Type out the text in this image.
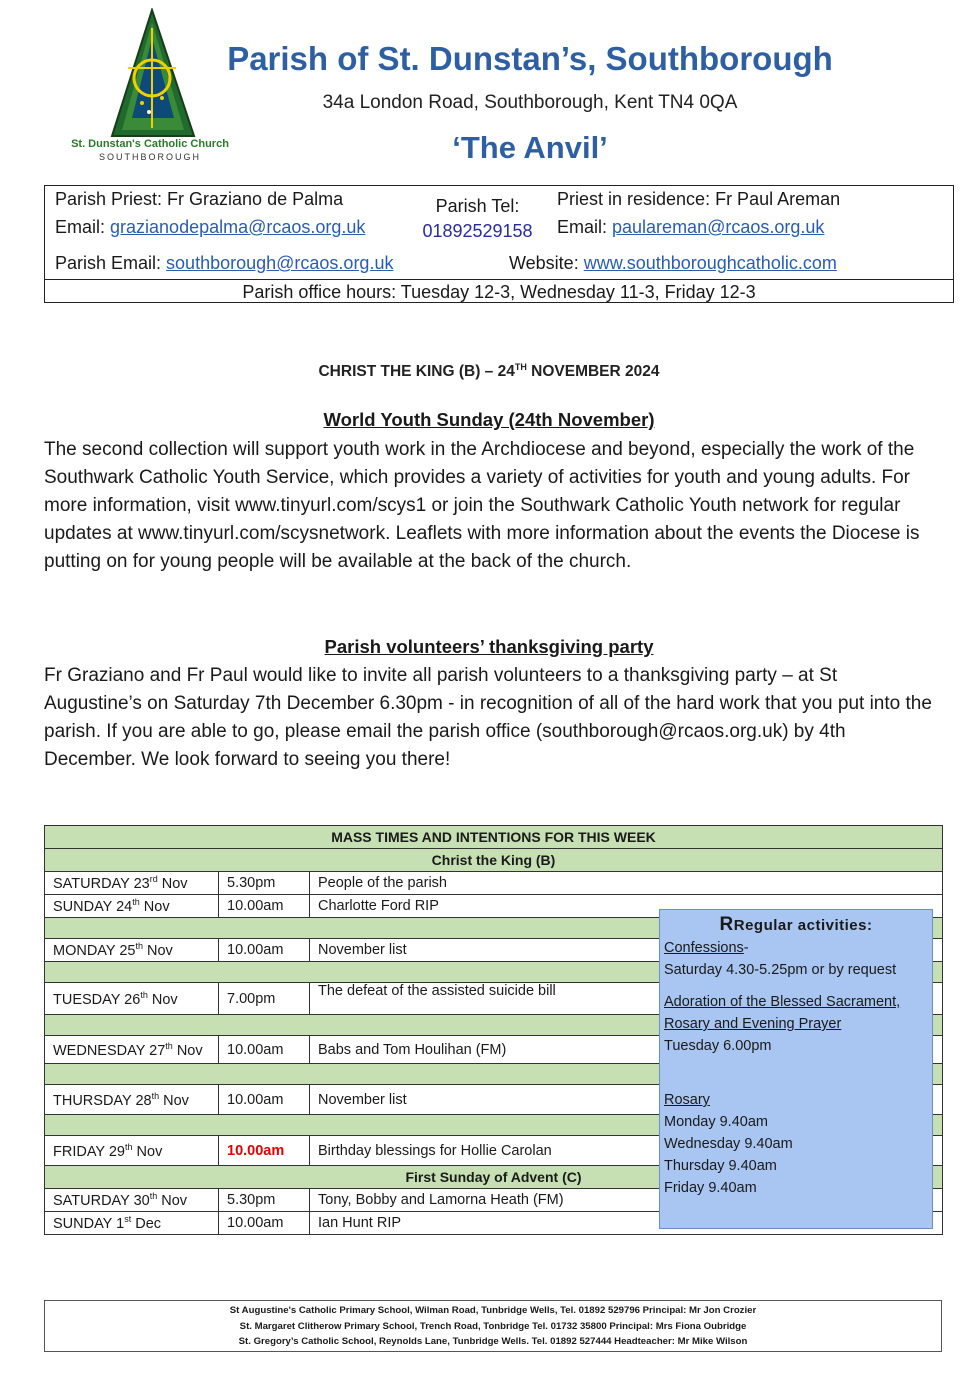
St. Dunstan's Catholic Church
SOUTHBOROUGH
Parish of St. Dunstan’s, Southborough
34a London Road, Southborough, Kent TN4 0QA
‘The Anvil’
Parish Priest: Fr Graziano de Palma
Email: grazianodepalma@rcaos.org.uk
Parish Tel:
01892529158
Priest in residence: Fr Paul Areman
Email: paulareman@rcaos.org.uk
Parish Email: southborough@rcaos.org.uk	Website: www.southboroughcatholic.com
Parish office hours: Tuesday 12-3, Wednesday 11-3, Friday 12-3
CHRIST THE KING (B) – 24TH NOVEMBER 2024
World Youth Sunday (24th November)
The second collection will support youth work in the Archdiocese and beyond, especially the work of the Southwark Catholic Youth Service, which provides a variety of activities for youth and young adults. For more information, visit www.tinyurl.com/scys1 or join the Southwark Catholic Youth network for regular updates at www.tinyurl.com/scysnetwork. Leaflets with more information about the events the Diocese is putting on for young people will be available at the back of the church.
Parish volunteers’ thanksgiving party
Fr Graziano and Fr Paul would like to invite all parish volunteers to a thanksgiving party – at St Augustine’s on Saturday 7th December 6.30pm - in recognition of all of the hard work that you put into the parish. If you are able to go, please email the parish office (southborough@rcaos.org.uk) by 4th December. We look forward to seeing you there!
MASS TIMES AND INTENTIONS FOR THIS WEEK		
Christ the King (B)		
SATURDAY 23rd Nov	5.30pm	People of the parish
SUNDAY 24th Nov	10.00am	Charlotte Ford RIP

MONDAY 25th Nov	10.00am	November list

TUESDAY 26th Nov	7.00pm	The defeat of the assisted suicide bill

WEDNESDAY 27th Nov	10.00am	Babs and Tom Houlihan (FM)

THURSDAY 28th Nov	10.00am	November list

FRIDAY 29th Nov	10.00am	Birthday blessings for Hollie Carolan
First Sunday of Advent (C)		
SATURDAY 30th Nov	5.30pm	Tony, Bobby and Lamorna Heath (FM)
SUNDAY 1st Dec	10.00am	Ian Hunt RIP
RRegular activities:
Confessions-
Saturday 4.30-5.25pm or by request
Adoration of the Blessed Sacrament, Rosary and Evening Prayer
Tuesday 6.00pm
Rosary
Monday 9.40am
Wednesday 9.40am
Thursday 9.40am
Friday 9.40am
St Augustine's Catholic Primary School, Wilman Road, Tunbridge Wells, Tel. 01892 529796 Principal: Mr Jon Crozier
St. Margaret Clitherow Primary School, Trench Road, Tonbridge Tel. 01732 35800 Principal: Mrs Fiona Oubridge
St. Gregory’s Catholic School, Reynolds Lane, Tunbridge Wells. Tel. 01892 527444 Headteacher: Mr Mike Wilson
